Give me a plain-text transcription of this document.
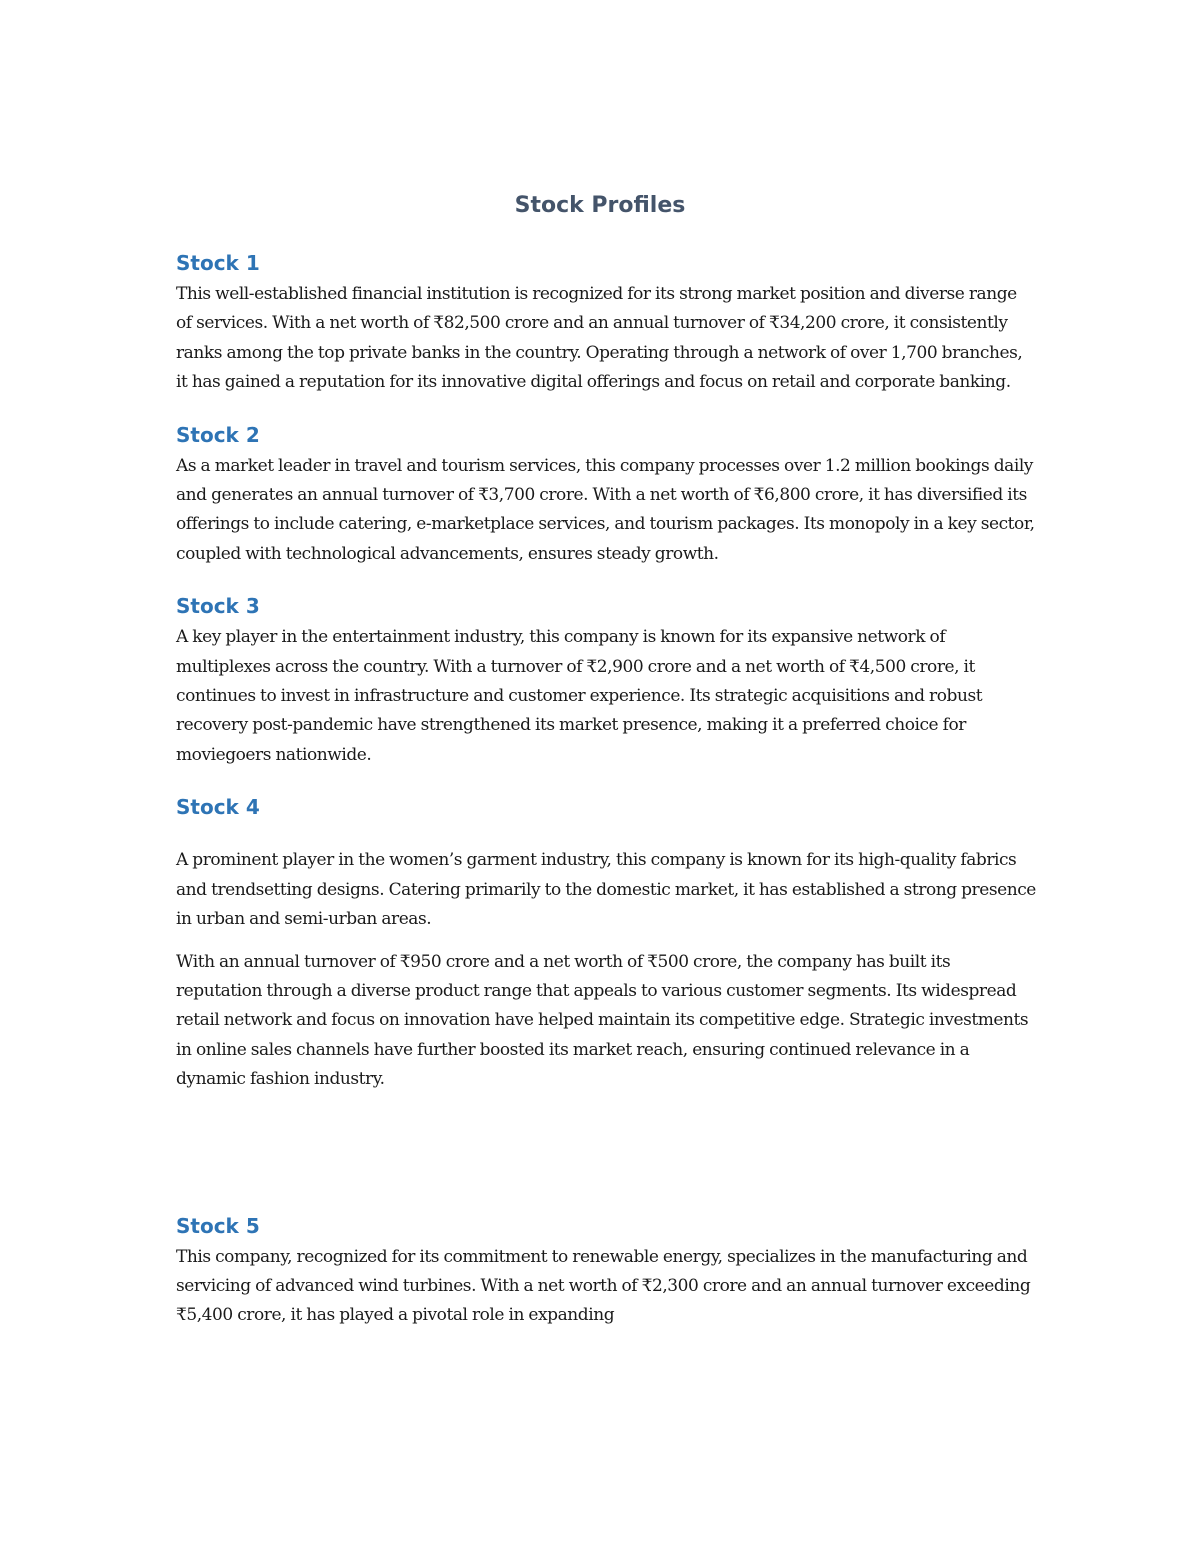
Stock Profiles
Stock 1

This well-established financial institution is recognized for its strong market position and diverse range of services. With a net worth of ₹82,500 crore and an annual turnover of ₹34,200 crore, it consistently ranks among the top private banks in the country. Operating through a network of over 1,700 branches, it has gained a reputation for its innovative digital offerings and focus on retail and corporate banking.

Stock 2

As a market leader in travel and tourism services, this company processes over 1.2 million bookings daily and generates an annual turnover of ₹3,700 crore. With a net worth of ₹6,800 crore, it has diversified its offerings to include catering, e-marketplace services, and tourism packages. Its monopoly in a key sector, coupled with technological advancements, ensures steady growth.

Stock 3

A key player in the entertainment industry, this company is known for its expansive network of multiplexes across the country. With a turnover of ₹2,900 crore and a net worth of ₹4,500 crore, it continues to invest in infrastructure and customer experience. Its strategic acquisitions and robust recovery post-pandemic have strengthened its market presence, making it a preferred choice for moviegoers nationwide.

Stock 4

A prominent player in the women’s garment industry, this company is known for its high-quality fabrics and trendsetting designs. Catering primarily to the domestic market, it has established a strong presence in urban and semi-urban areas.

With an annual turnover of ₹950 crore and a net worth of ₹500 crore, the company has built its reputation through a diverse product range that appeals to various customer segments. Its widespread retail network and focus on innovation have helped maintain its competitive edge. Strategic investments in online sales channels have further boosted its market reach, ensuring continued relevance in a dynamic fashion industry.

Stock 5

This company, recognized for its commitment to renewable energy, specializes in the manufacturing and servicing of advanced wind turbines. With a net worth of ₹2,300 crore and an annual turnover exceeding ₹5,400 crore, it has played a pivotal role in expanding
